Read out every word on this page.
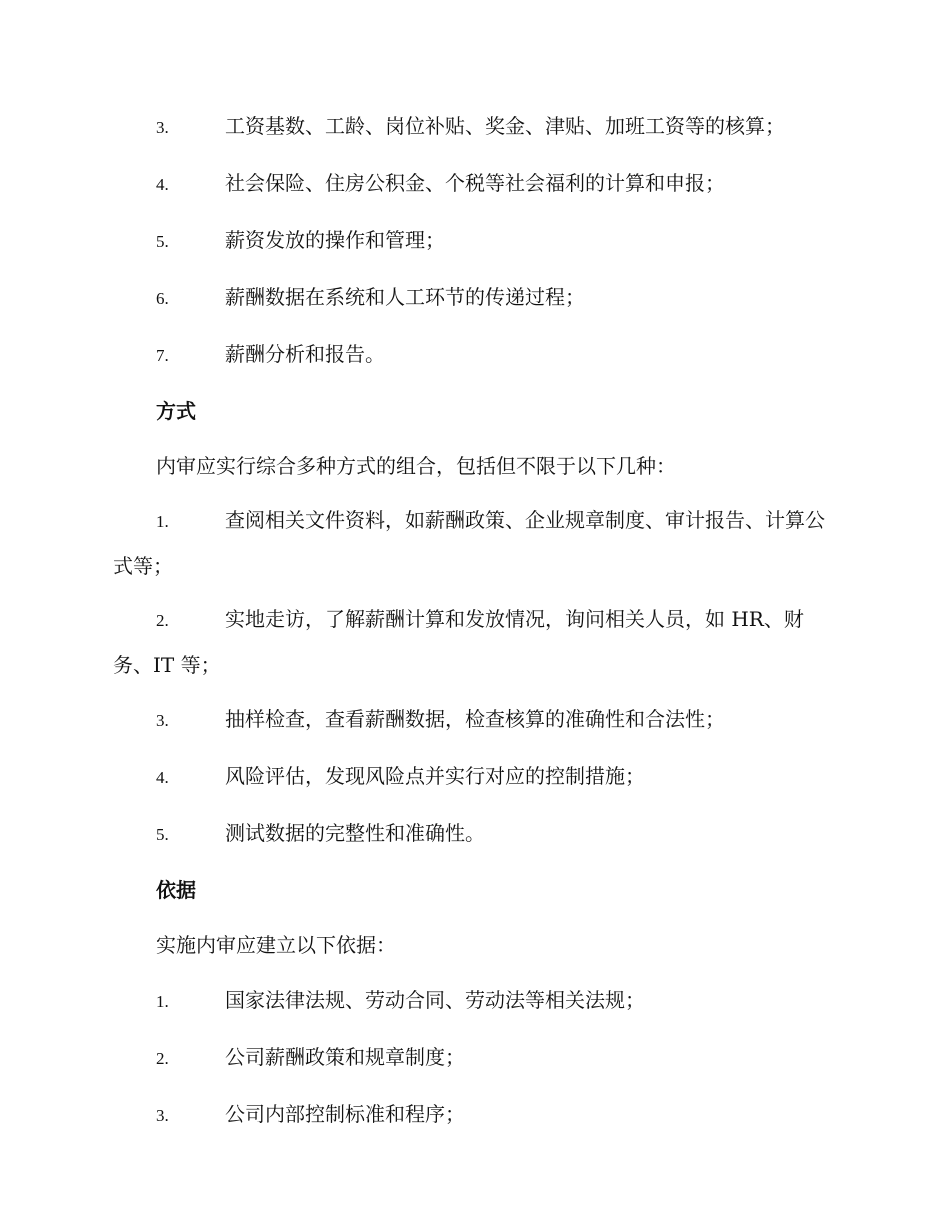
3.	工资基数、工龄、岗位补贴、奖金、津贴、加班工资等的核算；

4.	社会保险、住房公积金、个税等社会福利的计算和申报；

5.	薪资发放的操作和管理；

6.	薪酬数据在系统和人工环节的传递过程；

7.	薪酬分析和报告。

方式

内审应实行综合多种方式的组合，包括但不限于以下几种：

1.	查阅相关文件资料，如薪酬政策、企业规章制度、审计报告、计算公式等；

2.	实地走访，了解薪酬计算和发放情况，询问相关人员，如 HR、财务、IT 等；

3.	抽样检查，查看薪酬数据，检查核算的准确性和合法性；

4.	风险评估，发现风险点并实行对应的控制措施；

5.	测试数据的完整性和准确性。

依据

实施内审应建立以下依据：

1.	国家法律法规、劳动合同、劳动法等相关法规；

2.	公司薪酬政策和规章制度；

3.	公司内部控制标准和程序；
